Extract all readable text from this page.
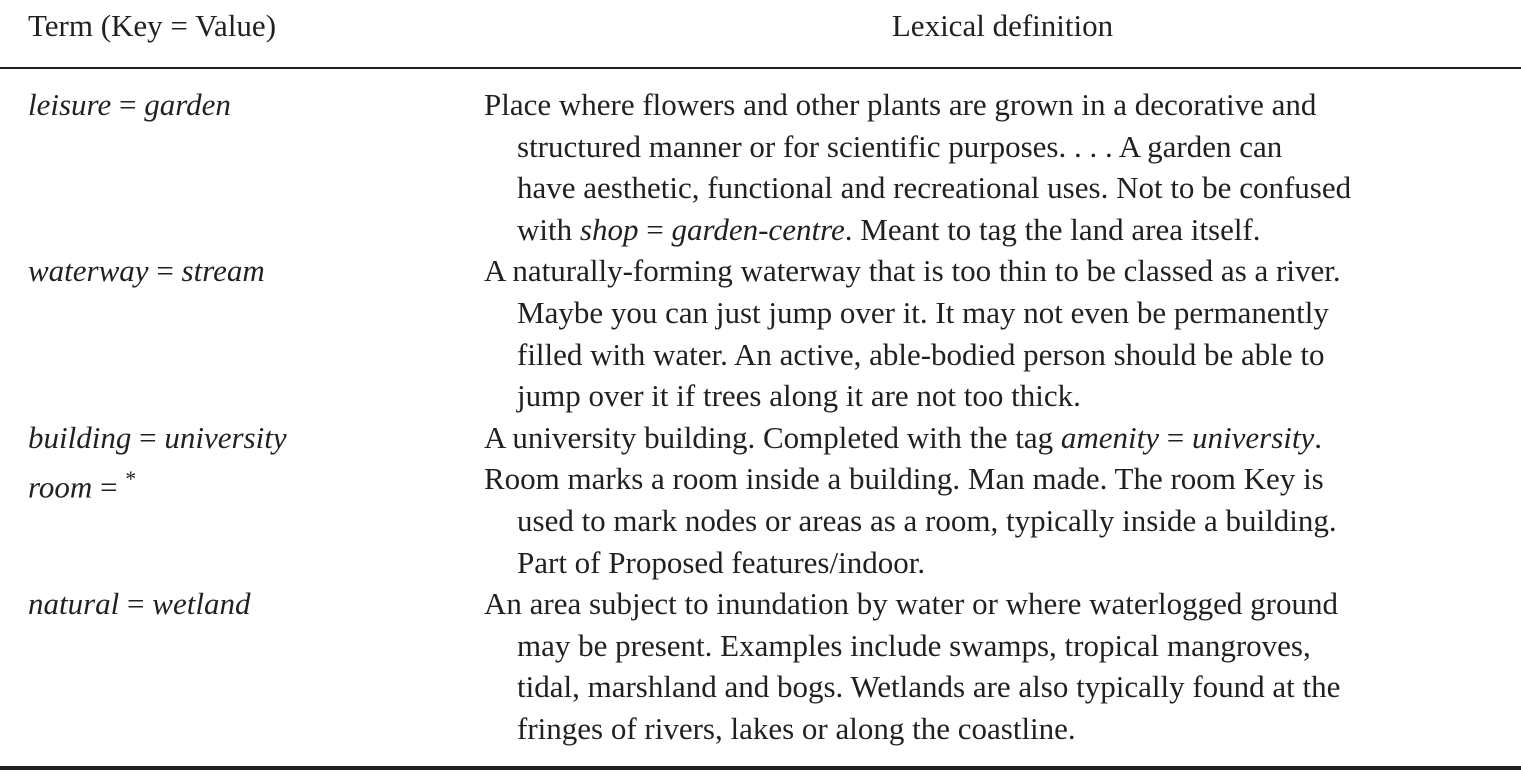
Term (Key = Value)	Lexical definition
leisure = garden	Place where flowers and other plants are grown in a decorative and
structured manner or for scientific purposes. . . . A garden can
have aesthetic, functional and recreational uses. Not to be confused
with shop = garden-centre. Meant to tag the land area itself.
waterway = stream	A naturally-forming waterway that is too thin to be classed as a river.
Maybe you can just jump over it. It may not even be permanently
filled with water. An active, able-bodied person should be able to
jump over it if trees along it are not too thick.
building = university	A university building. Completed with the tag amenity = university.
room = *	Room marks a room inside a building. Man made. The room Key is
used to mark nodes or areas as a room, typically inside a building.
Part of Proposed features/indoor.
natural = wetland	An area subject to inundation by water or where waterlogged ground
may be present. Examples include swamps, tropical mangroves,
tidal, marshland and bogs. Wetlands are also typically found at the
fringes of rivers, lakes or along the coastline.
